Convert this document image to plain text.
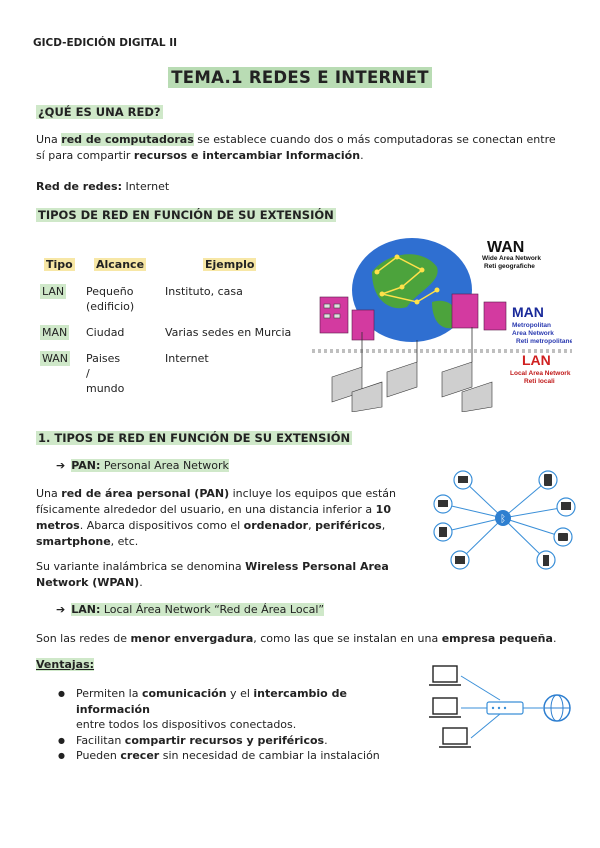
GICD-EDICIÓN DIGITAL II
TEMA.1 REDES E INTERNET
¿QUÉ ES UNA RED?

Una red de computadoras se establece cuando dos o más computadoras se conectan entre

sí para compartir recursos e intercambiar Información.

Red de redes: Internet
TIPOS DE RED EN FUNCIÓN DE SU EXTENSIÓN
Tipo Alcance	Ejemplo
LAN Pequeño
(edificio)
Instituto, casa
MAN Ciudad	Varias sedes en Murcia
WAN Paises /
mundo
Internet
WAN
Wide Area Network
Reti geografiche
MAN
Metropolitan
Area Network
Reti metropolitane
LAN
Local Area Network
Reti locali
1. TIPOS DE RED EN FUNCIÓN DE SU EXTENSIÓN
➔ PAN: Personal Area Network

Una red de área personal (PAN) incluye los equipos que están

físicamente alrededor del usuario, en una distancia inferior a 10

metros. Abarca dispositivos como el ordenador, periféricos,

smartphone, etc.

Su variante inalámbrica se denomina Wireless Personal Area

Network (WPAN).

ᛒ
➔ LAN: Local Área Network “Red de Área Local”
Son las redes de menor envergadura, como las que se instalan en una empresa pequeña.
Ventajas:
● Permiten la comunicación y el intercambio de información
entre todos los dispositivos conectados.
● Facilitan compartir recursos y periféricos.
● Pueden crecer sin necesidad de cambiar la instalación
